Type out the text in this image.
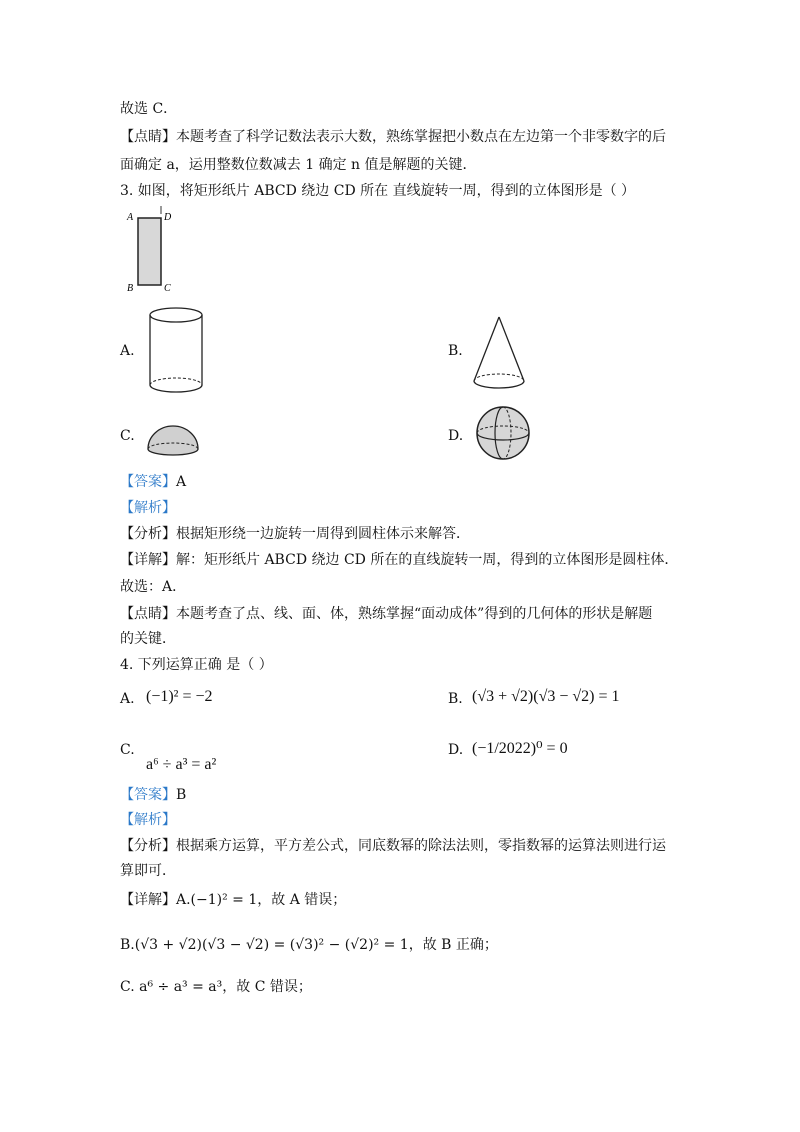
故选 C．
【点睛】本题考查了科学记数法表示大数，熟练掌握把小数点在左边第一个非零数字的后
面确定 a，运用整数位数减去 1 确定 n 值是解题的关键．
3. 如图，将矩形纸片 ABCD 绕边 CD 所在 直线旋转一周，得到的立体图形是（ ）
A	D
B	C
A.	B.
C.	D.
【答案】A
【解析】
【分析】根据矩形绕一边旋转一周得到圆柱体示来解答．
【详解】解：矩形纸片 ABCD 绕边 CD 所在的直线旋转一周，得到的立体图形是圆柱体．
故选：A．
【点睛】本题考查了点、线、面、体，熟练掌握“面动成体”得到的几何体的形状是解题
的关键．
4. 下列运算正确 是（ ）
A. (−1)² = −2	B. (√3 + √2)(√3 − √2) = 1
C.
a⁶ ÷ a³ = a²
D. (−1/2022)⁰ = 0
【答案】B
【解析】
【分析】根据乘方运算，平方差公式，同底数幂的除法法则，零指数幂的运算法则进行运
算即可．
【详解】A.(−1)² = 1，故 A 错误；
B.(√3 + √2)(√3 − √2) = (√3)² − (√2)² = 1，故 B 正确；
C. a⁶ ÷ a³ = a³，故 C 错误；
